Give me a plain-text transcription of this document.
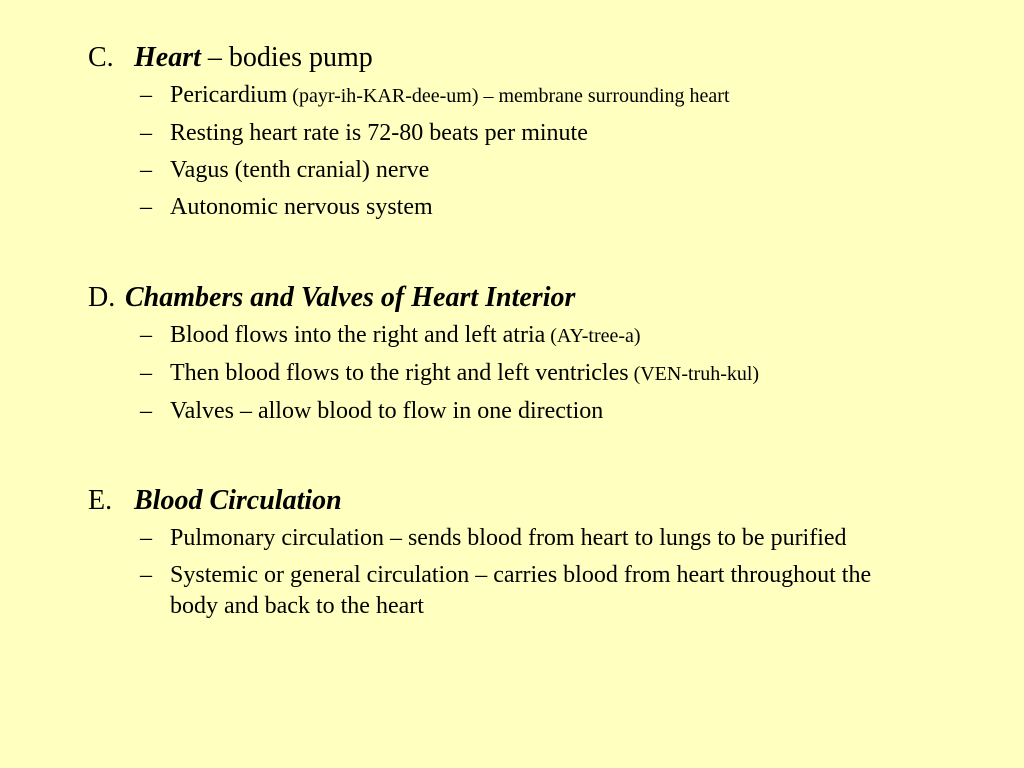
C. Heart – bodies pump
– Pericardium (payr-ih-KAR-dee-um) – membrane surrounding heart
– Resting heart rate is 72-80 beats per minute
– Vagus (tenth cranial) nerve
– Autonomic nervous system
D. Chambers and Valves of Heart Interior
– Blood flows into the right and left atria (AY-tree-a)
– Then blood flows to the right and left ventricles (VEN-truh-kul)
– Valves – allow blood to flow in one direction
E. Blood Circulation
– Pulmonary circulation – sends blood from heart to lungs to be purified
– Systemic or general circulation – carries blood from heart throughout the body and back to the heart
